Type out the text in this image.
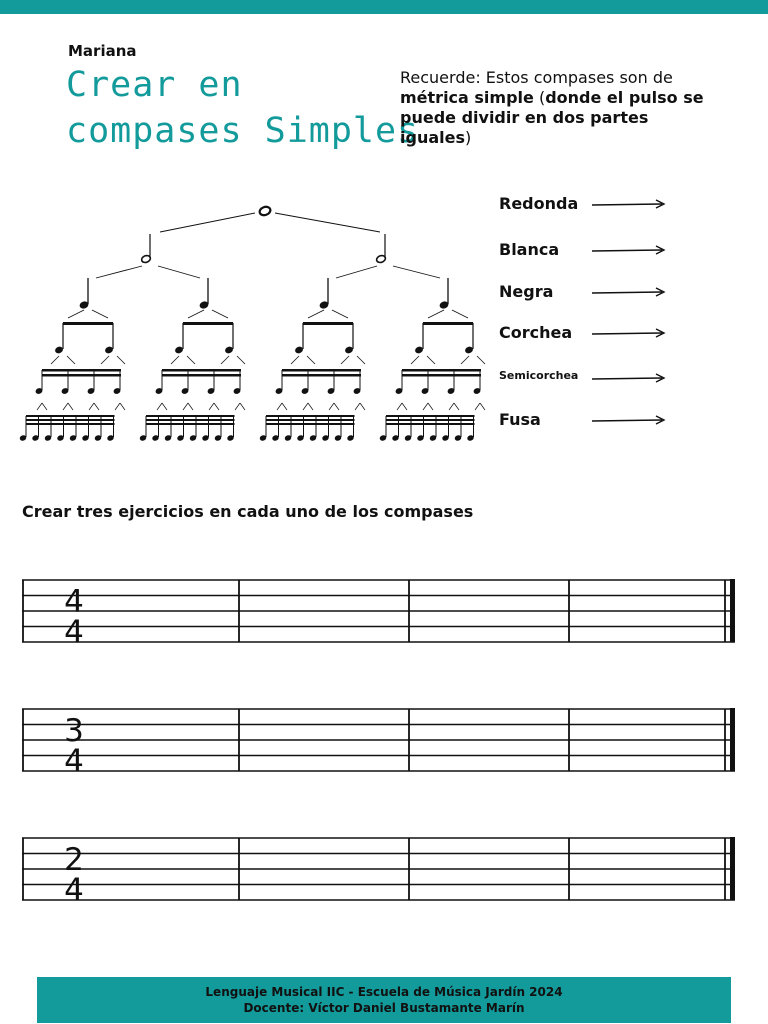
Mariana
Crear en
compases Simples
Recuerde: Estos compases son de
métrica simple (donde el pulso se puede dividir en dos partes iguales)
Redonda
Blanca
Negra
Corchea
Semicorchea
Fusa
Crear tres ejercicios en cada uno de los compases
4
4
3
4
2
4
Lenguaje Musical IIC - Escuela de Música Jardín 2024
Docente: Víctor Daniel Bustamante Marín
